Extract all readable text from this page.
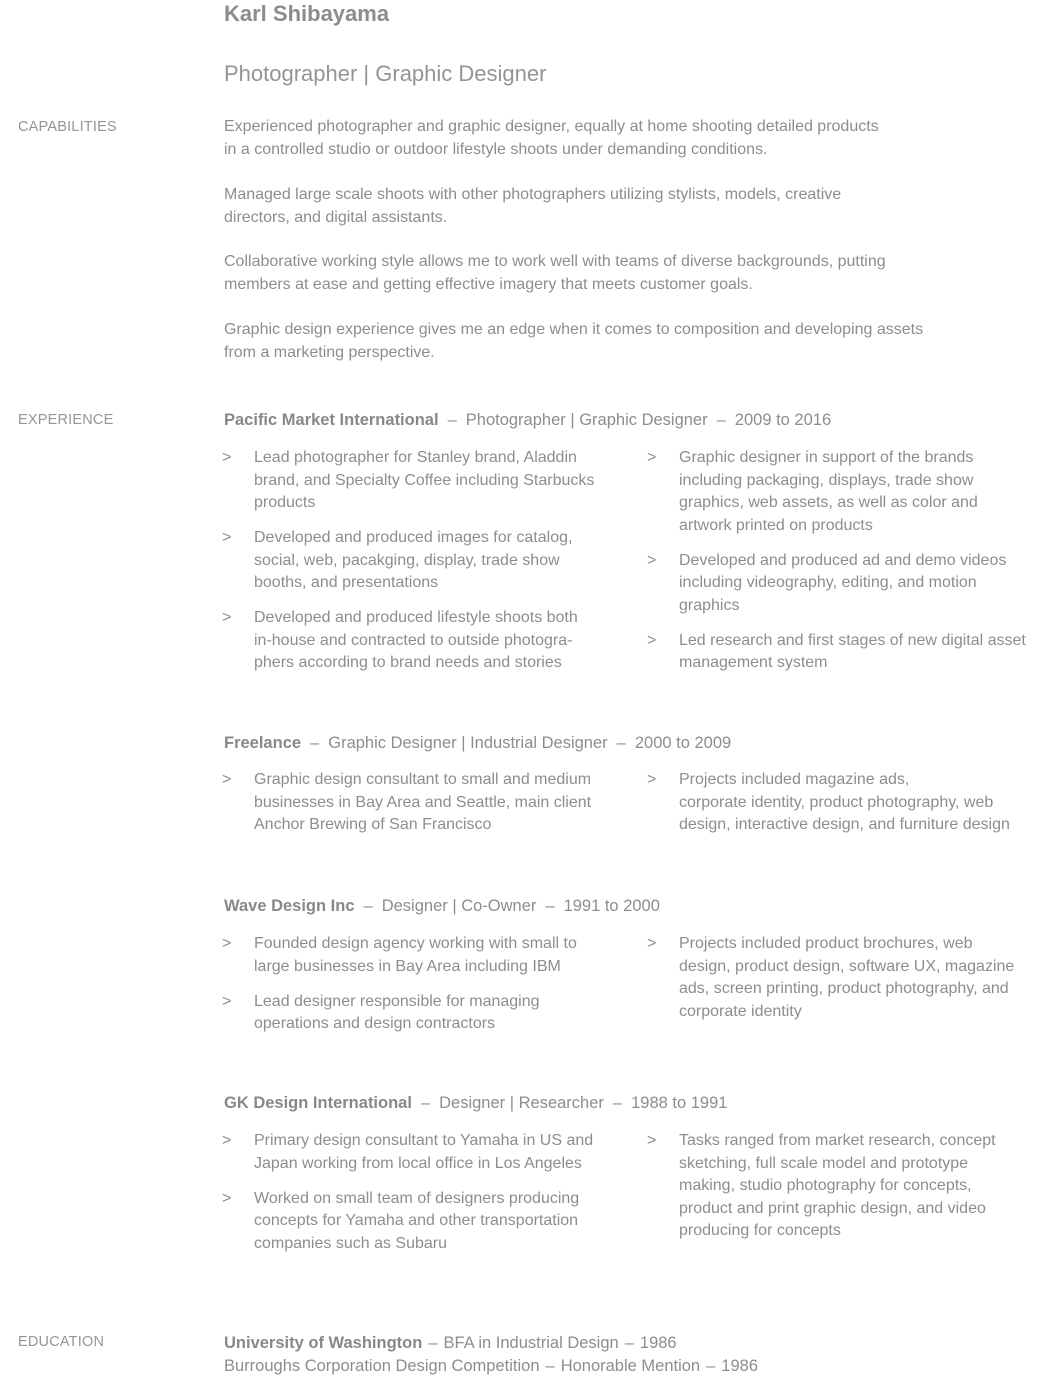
Karl Shibayama
Photographer | Graphic Designer
CAPABILITIES	Experienced photographer and graphic designer, equally at home shooting detailed products
in a controlled studio or outdoor lifestyle shoots under demanding conditions.

Managed large scale shoots with other photographers utilizing stylists, models, creative
directors, and digital assistants.

Collaborative working style allows me to work well with teams of diverse backgrounds, putting
members at ease and getting effective imagery that meets customer goals.

Graphic design experience gives me an edge when it comes to composition and developing assets
from a marketing perspective.

EXPERIENCE	Pacific Market International – Photographer | Graphic Designer – 2009 to 2016
> Lead photographer for Stanley brand, Aladdin
brand, and Specialty Coffee including Starbucks
products
> Developed and produced images for catalog,
social, web, pacakging, display, trade show
booths, and presentations
> Developed and produced lifestyle shoots both
in-house and contracted to outside photogra-
phers according to brand needs and stories
> Graphic designer in support of the brands
including packaging, displays, trade show
graphics, web assets, as well as color and
artwork printed on products
> Developed and produced ad and demo videos
including videography, editing, and motion
graphics
> Led research and first stages of new digital asset
management system
Freelance – Graphic Designer | Industrial Designer – 2000 to 2009
> Graphic design consultant to small and medium
businesses in Bay Area and Seattle, main client
Anchor Brewing of San Francisco
> Projects included magazine ads,
corporate identity, product photography, web
design, interactive design, and furniture design
Wave Design Inc – Designer | Co-Owner – 1991 to 2000
> Founded design agency working with small to
large businesses in Bay Area including IBM
> Lead designer responsible for managing
operations and design contractors
> Projects included product brochures, web
design, product design, software UX, magazine
ads, screen printing, product photography, and
corporate identity
GK Design International – Designer | Researcher – 1988 to 1991
> Primary design consultant to Yamaha in US and
Japan working from local office in Los Angeles
> Worked on small team of designers producing
concepts for Yamaha and other transportation
companies such as Subaru
> Tasks ranged from market research, concept
sketching, full scale model and prototype
making, studio photography for concepts,
product and print graphic design, and video
producing for concepts
EDUCATION	University of Washington – BFA in Industrial Design – 1986
Burroughs Corporation Design Competition – Honorable Mention – 1986
